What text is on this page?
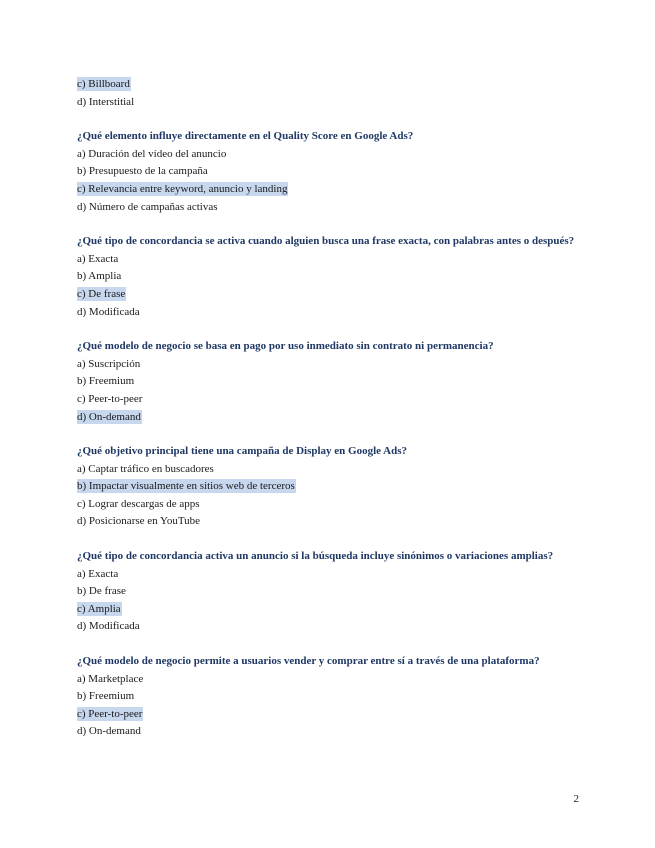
c) Billboard
d) Interstitial

¿Qué elemento influye directamente en el Quality Score en Google Ads?

a) Duración del vídeo del anuncio
b) Presupuesto de la campaña
c) Relevancia entre keyword, anuncio y landing
d) Número de campañas activas

¿Qué tipo de concordancia se activa cuando alguien busca una frase exacta, con palabras antes o después?

a) Exacta
b) Amplia
c) De frase
d) Modificada

¿Qué modelo de negocio se basa en pago por uso inmediato sin contrato ni permanencia?

a) Suscripción
b) Freemium
c) Peer-to-peer
d) On-demand

¿Qué objetivo principal tiene una campaña de Display en Google Ads?

a) Captar tráfico en buscadores
b) Impactar visualmente en sitios web de terceros
c) Lograr descargas de apps
d) Posicionarse en YouTube

¿Qué tipo de concordancia activa un anuncio si la búsqueda incluye sinónimos o variaciones amplias?

a) Exacta
b) De frase
c) Amplia
d) Modificada

¿Qué modelo de negocio permite a usuarios vender y comprar entre sí a través de una plataforma?

a) Marketplace
b) Freemium
c) Peer-to-peer
d) On-demand
2
